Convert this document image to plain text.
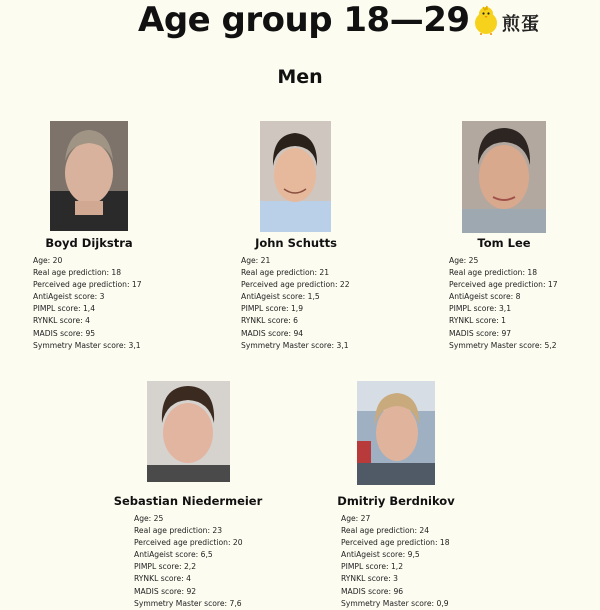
Age group 18—29 煎蛋
Men
Boyd Dijkstra
Age: 20
Real age prediction: 18
Perceived age prediction: 17
AntiAgeist score: 3
PIMPL score: 1,4
RYNKL score: 4
MADIS score: 95
Symmetry Master score: 3,1
John Schutts
Age: 21
Real age prediction: 21
Perceived age prediction: 22
AntiAgeist score: 1,5
PIMPL score: 1,9
RYNKL score: 6
MADIS score: 94
Symmetry Master score: 3,1
Tom Lee
Age: 25
Real age prediction: 18
Perceived age prediction: 17
AntiAgeist score: 8
PIMPL score: 3,1
RYNKL score: 1
MADIS score: 97
Symmetry Master score: 5,2
Sebastian Niedermeier
Age: 25
Real age prediction: 23
Perceived age prediction: 20
AntiAgeist score: 6,5
PIMPL score: 2,2
RYNKL score: 4
MADIS score: 92
Symmetry Master score: 7,6
Dmitriy Berdnikov
Age: 27
Real age prediction: 24
Perceived age prediction: 18
AntiAgeist score: 9,5
PIMPL score: 1,2
RYNKL score: 3
MADIS score: 96
Symmetry Master score: 0,9
